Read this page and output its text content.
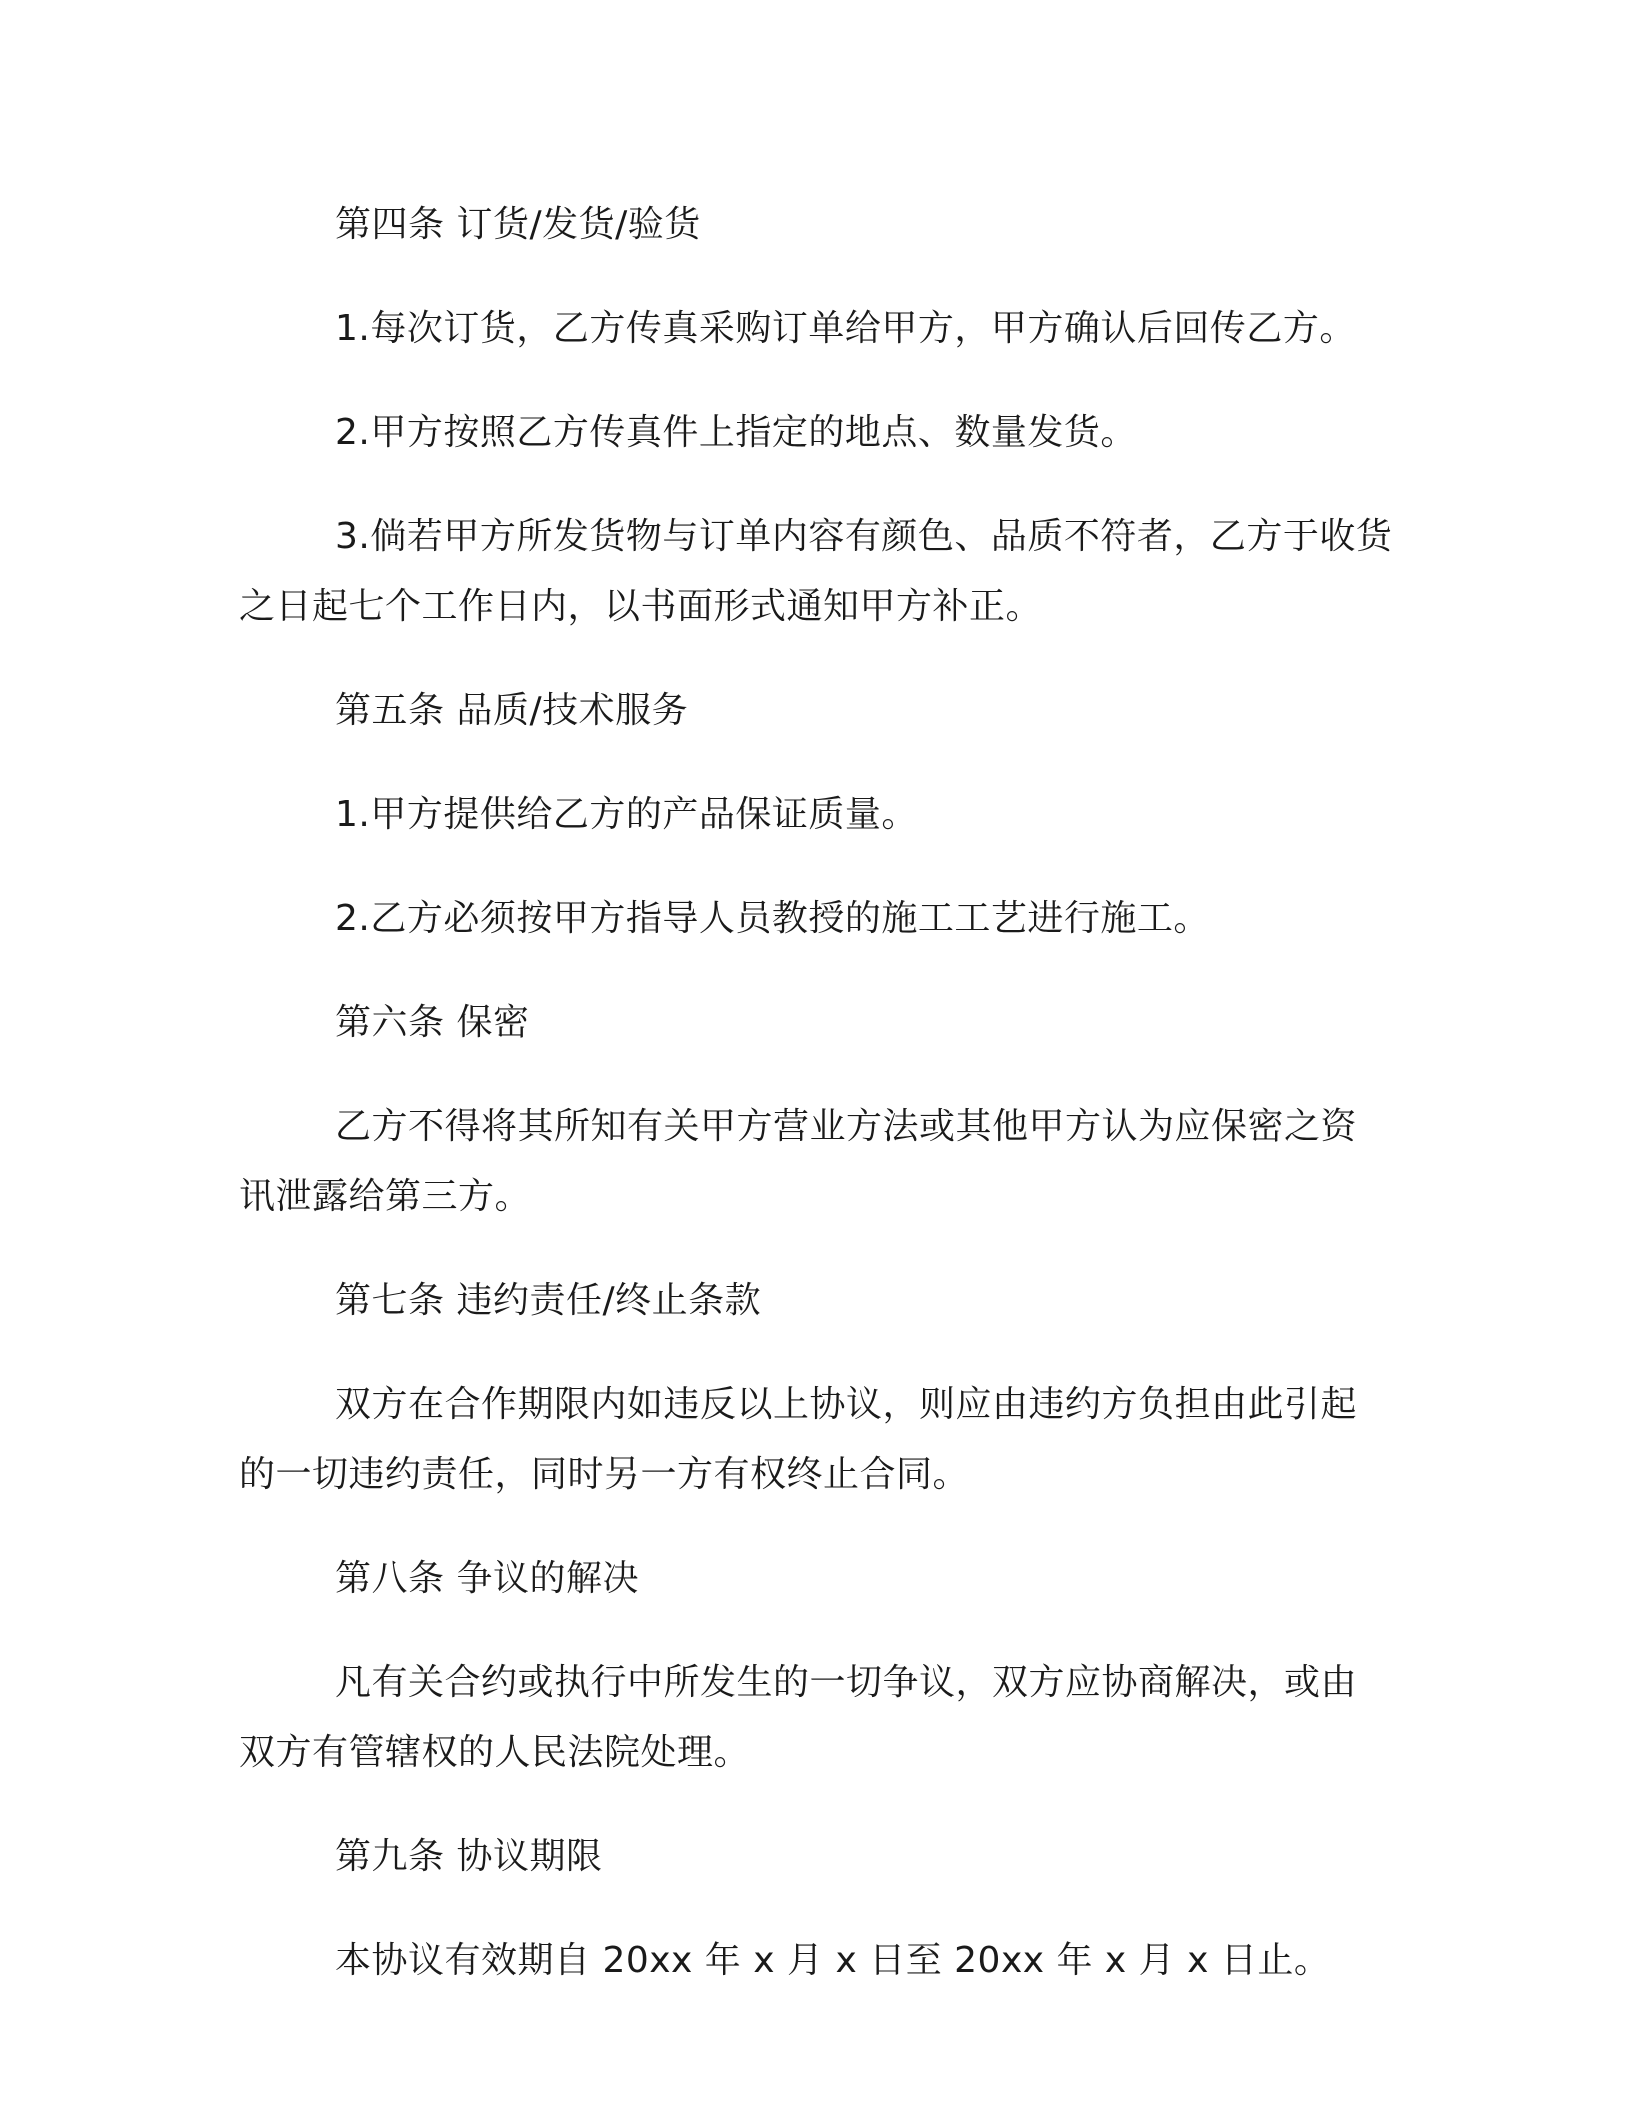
第四条 订货/发货/验货

1.每次订货，乙方传真采购订单给甲方，甲方确认后回传乙方。

2.甲方按照乙方传真件上指定的地点、数量发货。

3.倘若甲方所发货物与订单内容有颜色、品质不符者，乙方于收货之日起七个工作日内，以书面形式通知甲方补正。

第五条 品质/技术服务

1.甲方提供给乙方的产品保证质量。

2.乙方必须按甲方指导人员教授的施工工艺进行施工。

第六条 保密

乙方不得将其所知有关甲方营业方法或其他甲方认为应保密之资讯泄露给第三方。

第七条 违约责任/终止条款

双方在合作期限内如违反以上协议，则应由违约方负担由此引起的一切违约责任，同时另一方有权终止合同。

第八条 争议的解决

凡有关合约或执行中所发生的一切争议，双方应协商解决，或由双方有管辖权的人民法院处理。

第九条 协议期限

本协议有效期自 20xx 年 x 月 x 日至 20xx 年 x 月 x 日止。
